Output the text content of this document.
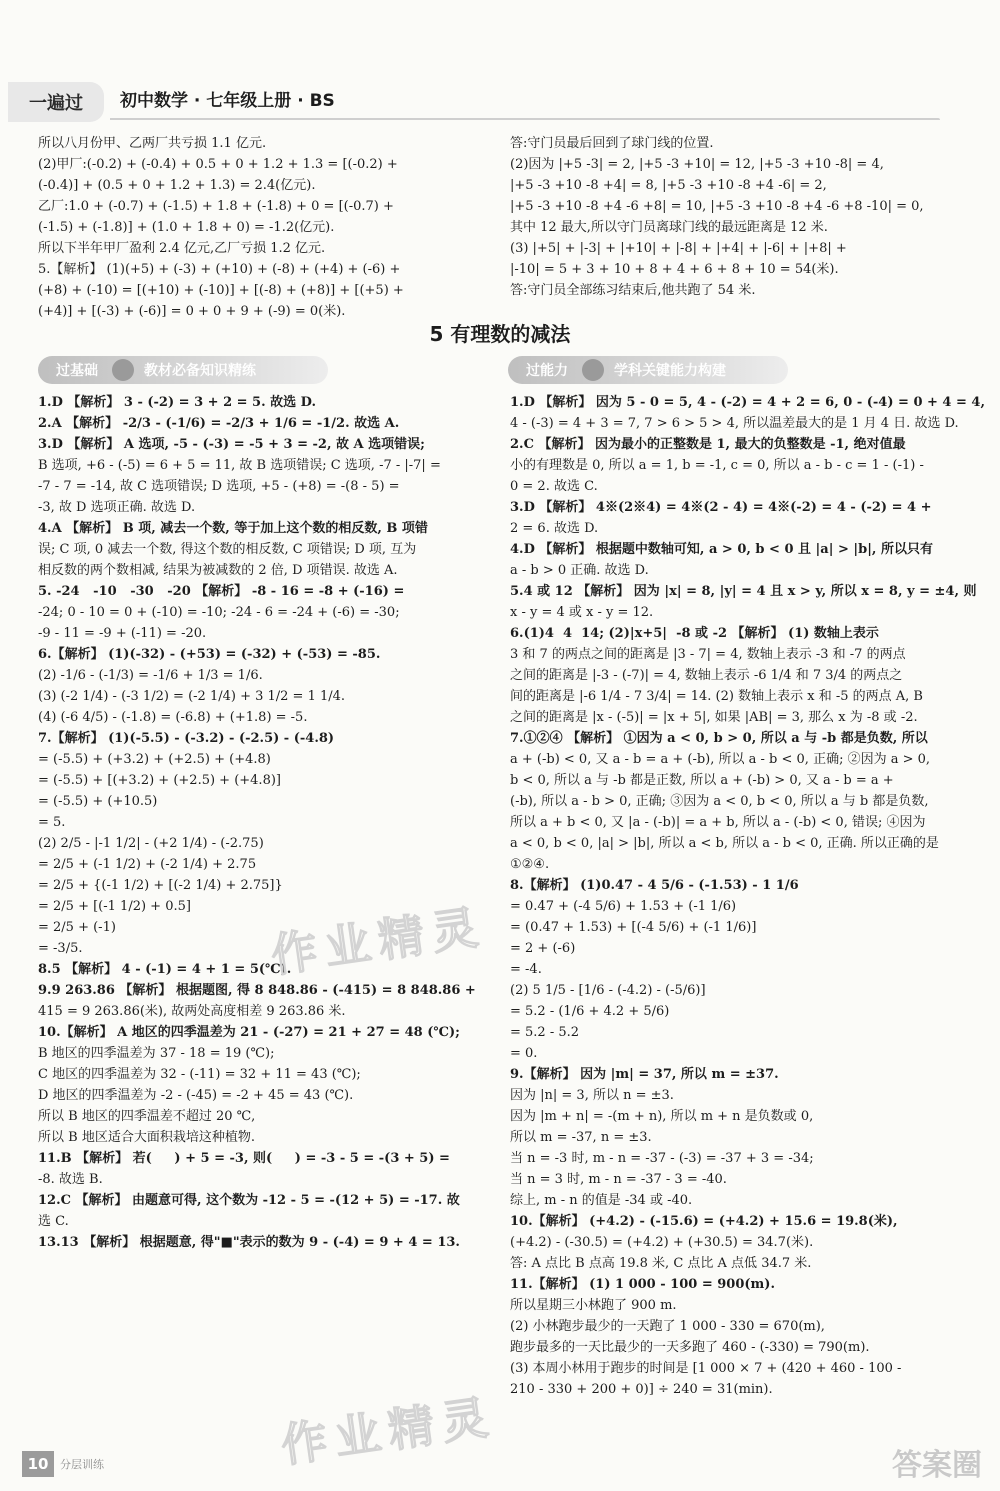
一遍过	初中数学 · 七年级上册 · BS

所以八月份甲、乙两厂共亏损 1.1 亿元.

(2)甲厂:(-0.2) + (-0.4) + 0.5 + 0 + 1.2 + 1.3 = [(-0.2) +

(-0.4)] + (0.5 + 0 + 1.2 + 1.3) = 2.4(亿元).

乙厂:1.0 + (-0.7) + (-1.5) + 1.8 + (-1.8) + 0 = [(-0.7) +

(-1.5) + (-1.8)] + (1.0 + 1.8 + 0) = -1.2(亿元).

所以下半年甲厂盈利 2.4 亿元,乙厂亏损 1.2 亿元.

5.【解析】 (1)(+5) + (-3) + (+10) + (-8) + (+4) + (-6) +

(+8) + (-10) = [(+10) + (-10)] + [(-8) + (+8)] + [(+5) +

(+4)] + [(-3) + (-6)] = 0 + 0 + 9 + (-9) = 0(米).

答:守门员最后回到了球门线的位置.

(2)因为 |+5 -3| = 2, |+5 -3 +10| = 12, |+5 -3 +10 -8| = 4,

|+5 -3 +10 -8 +4| = 8, |+5 -3 +10 -8 +4 -6| = 2,

|+5 -3 +10 -8 +4 -6 +8| = 10, |+5 -3 +10 -8 +4 -6 +8 -10| = 0,

其中 12 最大,所以守门员离球门线的最远距离是 12 米.

(3) |+5| + |-3| + |+10| + |-8| + |+4| + |-6| + |+8| +

|-10| = 5 + 3 + 10 + 8 + 4 + 6 + 8 + 10 = 54(米).

答:守门员全部练习结束后,他共跑了 54 米.

5 有理数的减法
过基础	教材必备知识精练	过能力	学科关键能力构建

1.D 【解析】 3 - (-2) = 3 + 2 = 5. 故选 D.

2.A 【解析】 -2/3 - (-1/6) = -2/3 + 1/6 = -1/2. 故选 A.

3.D 【解析】 A 选项, -5 - (-3) = -5 + 3 = -2, 故 A 选项错误;

B 选项, +6 - (-5) = 6 + 5 = 11, 故 B 选项错误; C 选项, -7 - |-7| =

-7 - 7 = -14, 故 C 选项错误; D 选项, +5 - (+8) = -(8 - 5) =

-3, 故 D 选项正确. 故选 D.

4.A 【解析】 B 项, 减去一个数, 等于加上这个数的相反数, B 项错

误; C 项, 0 减去一个数, 得这个数的相反数, C 项错误; D 项, 互为

相反数的两个数相减, 结果为被减数的 2 倍, D 项错误. 故选 A.

5. -24   -10   -30   -20 【解析】 -8 - 16 = -8 + (-16) =

-24; 0 - 10 = 0 + (-10) = -10; -24 - 6 = -24 + (-6) = -30;

-9 - 11 = -9 + (-11) = -20.

6.【解析】 (1)(-32) - (+53) = (-32) + (-53) = -85.

(2) -1/6 - (-1/3) = -1/6 + 1/3 = 1/6.

(3) (-2 1/4) - (-3 1/2) = (-2 1/4) + 3 1/2 = 1 1/4.

(4) (-6 4/5) - (-1.8) = (-6.8) + (+1.8) = -5.

7.【解析】 (1)(-5.5) - (-3.2) - (-2.5) - (-4.8)

= (-5.5) + (+3.2) + (+2.5) + (+4.8)

= (-5.5) + [(+3.2) + (+2.5) + (+4.8)]

= (-5.5) + (+10.5)

= 5.

(2) 2/5 - |-1 1/2| - (+2 1/4) - (-2.75)

= 2/5 + (-1 1/2) + (-2 1/4) + 2.75

= 2/5 + {(-1 1/2) + [(-2 1/4) + 2.75]}

= 2/5 + [(-1 1/2) + 0.5]

= 2/5 + (-1)

= -3/5.

8.5 【解析】 4 - (-1) = 4 + 1 = 5(℃).

9.9 263.86 【解析】 根据题图, 得 8 848.86 - (-415) = 8 848.86 +

415 = 9 263.86(米), 故两处高度相差 9 263.86 米.

10.【解析】 A 地区的四季温差为 21 - (-27) = 21 + 27 = 48 (℃);

B 地区的四季温差为 37 - 18 = 19 (℃);

C 地区的四季温差为 32 - (-11) = 32 + 11 = 43 (℃);

D 地区的四季温差为 -2 - (-45) = -2 + 45 = 43 (℃).

所以 B 地区的四季温差不超过 20 ℃,

所以 B 地区适合大面积栽培这种植物.

11.B 【解析】 若(     ) + 5 = -3, 则(     ) = -3 - 5 = -(3 + 5) =

-8. 故选 B.

12.C 【解析】 由题意可得, 这个数为 -12 - 5 = -(12 + 5) = -17. 故

选 C.

13.13 【解析】 根据题意, 得"■"表示的数为 9 - (-4) = 9 + 4 = 13.

1.D 【解析】 因为 5 - 0 = 5, 4 - (-2) = 4 + 2 = 6, 0 - (-4) = 0 + 4 = 4,

4 - (-3) = 4 + 3 = 7, 7 > 6 > 5 > 4, 所以温差最大的是 1 月 4 日. 故选 D.

2.C 【解析】 因为最小的正整数是 1, 最大的负整数是 -1, 绝对值最

小的有理数是 0, 所以 a = 1, b = -1, c = 0, 所以 a - b - c = 1 - (-1) -

0 = 2. 故选 C.

3.D 【解析】 4※(2※4) = 4※(2 - 4) = 4※(-2) = 4 - (-2) = 4 +

2 = 6. 故选 D.

4.D 【解析】 根据题中数轴可知, a > 0, b < 0 且 |a| > |b|, 所以只有

a - b > 0 正确. 故选 D.

5.4 或 12 【解析】 因为 |x| = 8, |y| = 4 且 x > y, 所以 x = 8, y = ±4, 则

x - y = 4 或 x - y = 12.

6.(1)4  4  14; (2)|x+5|  -8 或 -2 【解析】 (1) 数轴上表示

3 和 7 的两点之间的距离是 |3 - 7| = 4, 数轴上表示 -3 和 -7 的两点

之间的距离是 |-3 - (-7)| = 4, 数轴上表示 -6 1/4 和 7 3/4 的两点之

间的距离是 |-6 1/4 - 7 3/4| = 14. (2) 数轴上表示 x 和 -5 的两点 A, B

之间的距离是 |x - (-5)| = |x + 5|, 如果 |AB| = 3, 那么 x 为 -8 或 -2.

7.①②④ 【解析】 ①因为 a < 0, b > 0, 所以 a 与 -b 都是负数, 所以

a + (-b) < 0, 又 a - b = a + (-b), 所以 a - b < 0, 正确; ②因为 a > 0,

b < 0, 所以 a 与 -b 都是正数, 所以 a + (-b) > 0, 又 a - b = a +

(-b), 所以 a - b > 0, 正确; ③因为 a < 0, b < 0, 所以 a 与 b 都是负数,

所以 a + b < 0, 又 |a - (-b)| = a + b, 所以 a - (-b) < 0, 错误; ④因为

a < 0, b < 0, |a| > |b|, 所以 a < b, 所以 a - b < 0, 正确. 所以正确的是

①②④.

8.【解析】 (1)0.47 - 4 5/6 - (-1.53) - 1 1/6

= 0.47 + (-4 5/6) + 1.53 + (-1 1/6)

= (0.47 + 1.53) + [(-4 5/6) + (-1 1/6)]

= 2 + (-6)

= -4.

(2) 5 1/5 - [1/6 - (-4.2) - (-5/6)]

= 5.2 - (1/6 + 4.2 + 5/6)

= 5.2 - 5.2

= 0.

9.【解析】 因为 |m| = 37, 所以 m = ±37.

因为 |n| = 3, 所以 n = ±3.

因为 |m + n| = -(m + n), 所以 m + n 是负数或 0,

所以 m = -37, n = ±3.

当 n = -3 时, m - n = -37 - (-3) = -37 + 3 = -34;

当 n = 3 时, m - n = -37 - 3 = -40.

综上, m - n 的值是 -34 或 -40.

10.【解析】 (+4.2) - (-15.6) = (+4.2) + 15.6 = 19.8(米),

(+4.2) - (-30.5) = (+4.2) + (+30.5) = 34.7(米).

答: A 点比 B 点高 19.8 米, C 点比 A 点低 34.7 米.

11.【解析】 (1) 1 000 - 100 = 900(m).

所以星期三小林跑了 900 m.

(2) 小林跑步最少的一天跑了 1 000 - 330 = 670(m),

跑步最多的一天比最少的一天多跑了 460 - (-330) = 790(m).

(3) 本周小林用于跑步的时间是 [1 000 × 7 + (420 + 460 - 100 -

210 - 330 + 200 + 0)] ÷ 240 = 31(min).

作业精灵
作业精灵
10	分层训练	答案圈
